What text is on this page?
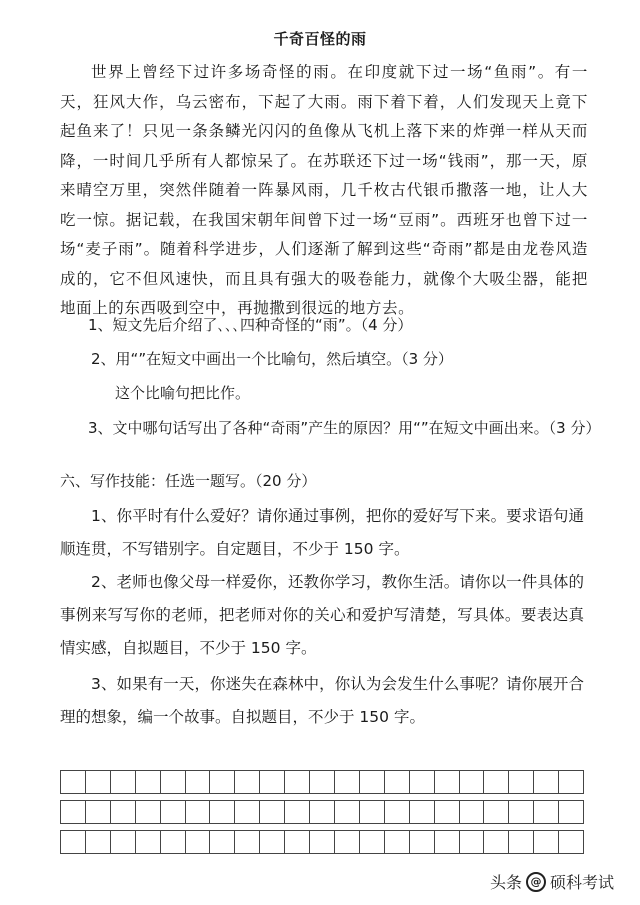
千奇百怪的雨
世界上曾经下过许多场奇怪的雨。在印度就下过一场“鱼雨”。有一天，狂风大作，乌云密布，下起了大雨。雨下着下着，人们发现天上竟下起鱼来了！只见一条条鳞光闪闪的鱼像从飞机上落下来的炸弹一样从天而降，一时间几乎所有人都惊呆了。在苏联还下过一场“钱雨”，那一天，原来晴空万里，突然伴随着一阵暴风雨，几千枚古代银币撒落一地，让人大吃一惊。据记载，在我国宋朝年间曾下过一场“豆雨”。西班牙也曾下过一场“麦子雨”。随着科学进步，人们逐渐了解到这些“奇雨”都是由龙卷风造成的，它不但风速快，而且具有强大的吸卷能力，就像个大吸尘器，能把地面上的东西吸到空中，再抛撒到很远的地方去。
1、短文先后介绍了､､､四种奇怪的“雨”。（4 分）
2、用“”在短文中画出一个比喻句，然后填空。（3 分）
这个比喻句把比作。
3、文中哪句话写出了各种“奇雨”产生的原因？用“”在短文中画出来。（3 分）
六、写作技能：任选一题写。（20 分）
1、你平时有什么爱好？请你通过事例，把你的爱好写下来。要求语句通顺连贯，不写错别字。自定题目，不少于 150 字。
2、老师也像父母一样爱你，还教你学习，教你生活。请你以一件具体的事例来写写你的老师，把老师对你的关心和爱护写清楚，写具体。要表达真情实感，自拟题目，不少于 150 字。
3、如果有一天，你迷失在森林中，你认为会发生什么事呢？请你展开合理的想象，编一个故事。自拟题目，不少于 150 字。
头条 @ 硕科考试
